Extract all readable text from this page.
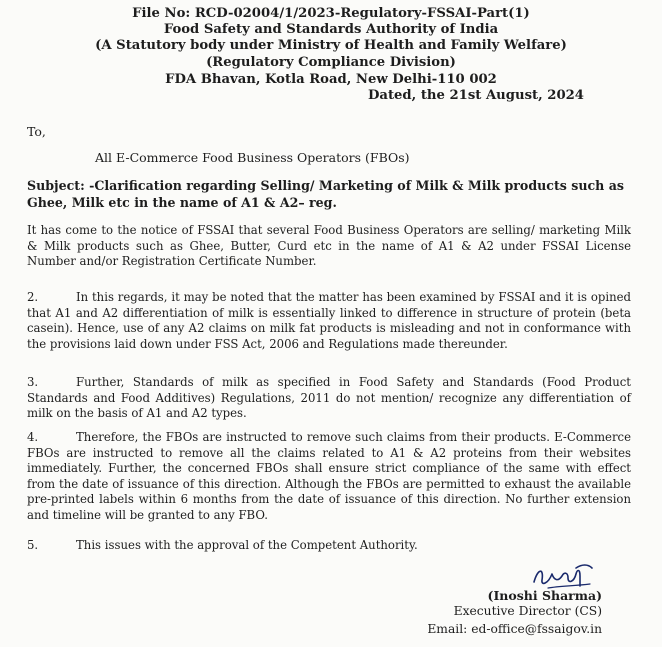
File No: RCD-02004/1/2023-Regulatory-FSSAI-Part(1)
Food Safety and Standards Authority of India
(A Statutory body under Ministry of Health and Family Welfare)
(Regulatory Compliance Division)
FDA Bhavan, Kotla Road, New Delhi-110 002
Dated, the 21st August, 2024
To,
All E-Commerce Food Business Operators (FBOs)
Subject: -Clarification regarding Selling/ Marketing of Milk & Milk products such as Ghee, Milk etc in the name of A1 & A2– reg.
It has come to the notice of FSSAI that several Food Business Operators are selling/ marketing Milk & Milk products such as Ghee, Butter, Curd etc in the name of A1 & A2 under FSSAI License Number and/or Registration Certificate Number.
2.	In this regards, it may be noted that the matter has been examined by FSSAI and it is opined that A1 and A2 differentiation of milk is essentially linked to difference in structure of protein (beta casein). Hence, use of any A2 claims on milk fat products is misleading and not in conformance with the provisions laid down under FSS Act, 2006 and Regulations made thereunder.
3.	Further, Standards of milk as specified in Food Safety and Standards (Food Product Standards and Food Additives) Regulations, 2011 do not mention/ recognize any differentiation of milk on the basis of A1 and A2 types.
4.	Therefore, the FBOs are instructed to remove such claims from their products. E-Commerce FBOs are instructed to remove all the claims related to A1 & A2 proteins from their websites immediately. Further, the concerned FBOs shall ensure strict compliance of the same with effect from the date of issuance of this direction. Although the FBOs are permitted to exhaust the available pre-printed labels within 6 months from the date of issuance of this direction. No further extension and timeline will be granted to any FBO.
5.	This issues with the approval of the Competent Authority.
(Inoshi Sharma)
Executive Director (CS)
Email: ed-office@fssaigov.in
